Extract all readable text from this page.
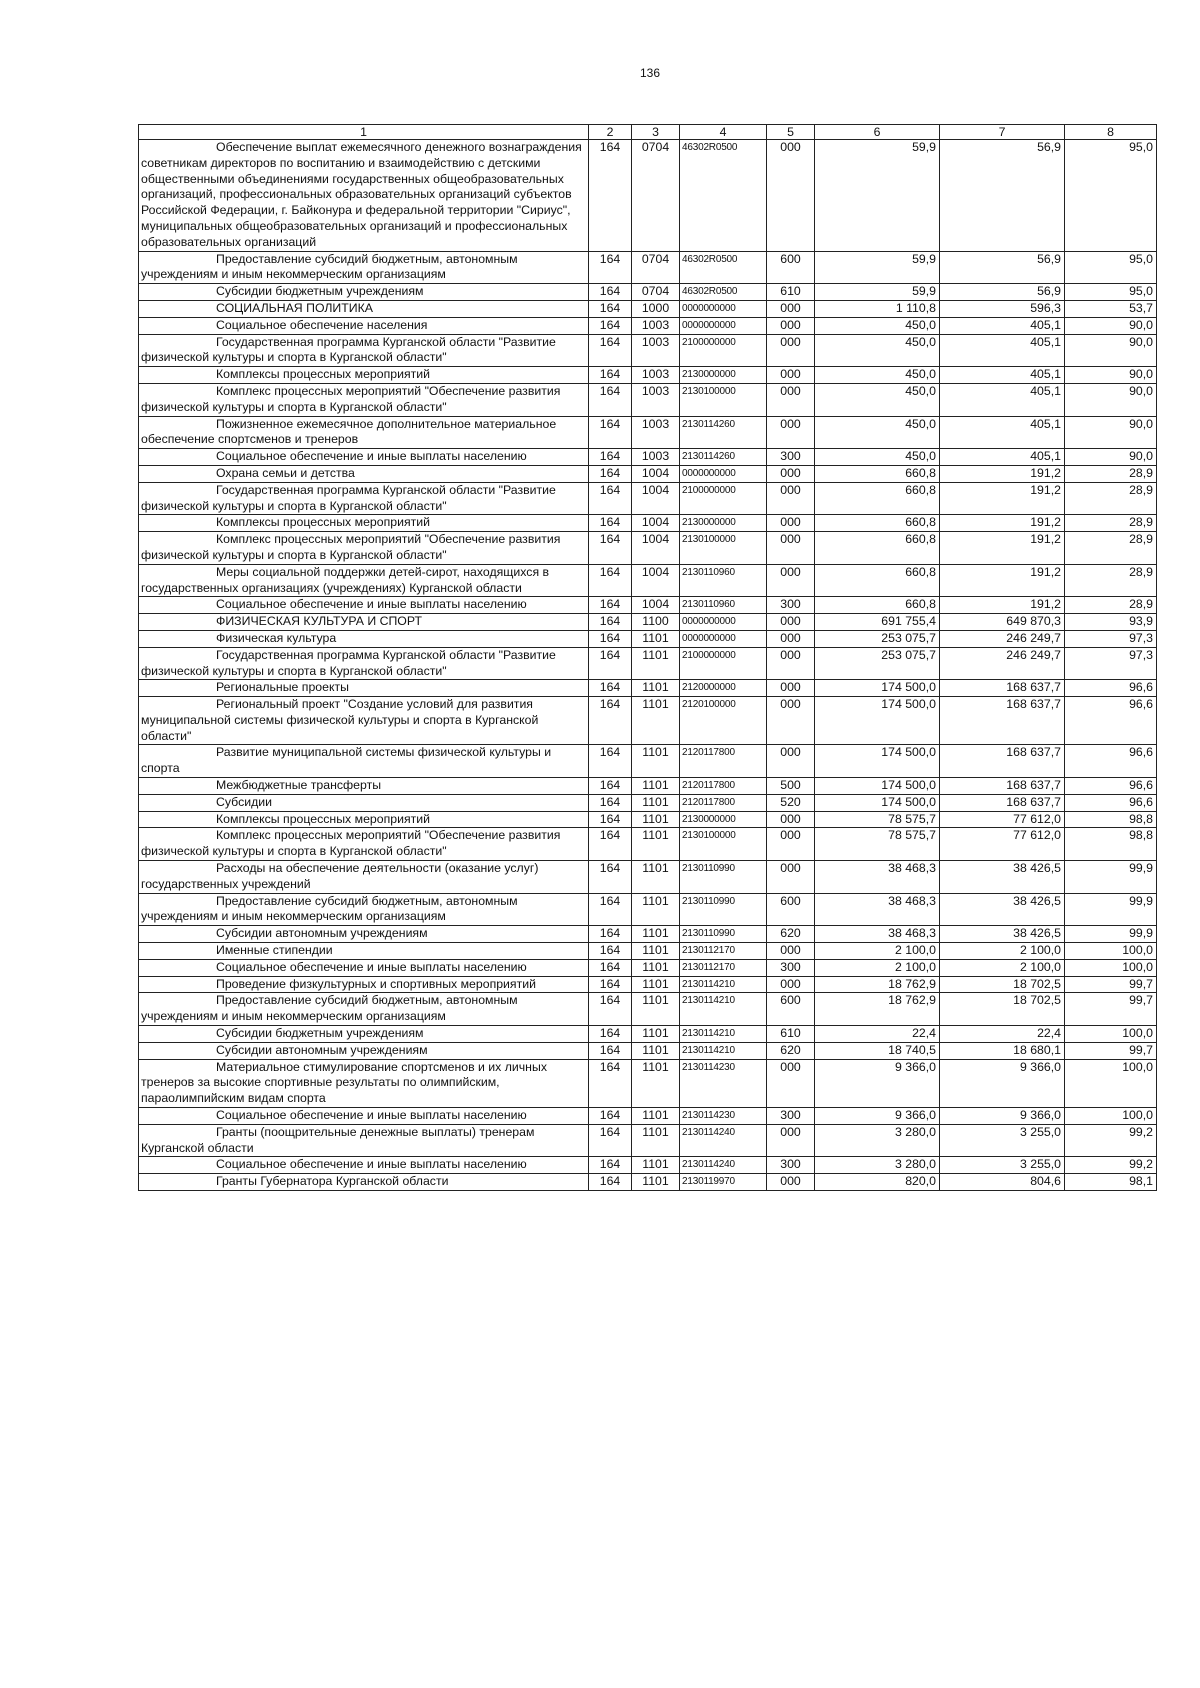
136
1	2	3	4	5	6	7	8
Обеспечение выплат ежемесячного денежного вознаграждения советникам директоров по воспитанию и взаимодействию с детскими общественными объединениями государственных общеобразовательных организаций, профессиональных образовательных организаций субъектов Российской Федерации, г. Байконура и федеральной территории "Сириус", муниципальных общеобразовательных организаций и профессиональных образовательных организаций	164	0704	46302R0500	000	59,9	56,9	95,0
Предоставление субсидий бюджетным, автономным учреждениям и иным некоммерческим организациям	164	0704	46302R0500	600	59,9	56,9	95,0
Субсидии бюджетным учреждениям	164	0704	46302R0500	610	59,9	56,9	95,0
СОЦИАЛЬНАЯ ПОЛИТИКА	164	1000	0000000000	000	1 110,8	596,3	53,7
Социальное обеспечение населения	164	1003	0000000000	000	450,0	405,1	90,0
Государственная программа Курганской области "Развитие физической культуры и спорта в Курганской области"	164	1003	2100000000	000	450,0	405,1	90,0
Комплексы процессных мероприятий	164	1003	2130000000	000	450,0	405,1	90,0
Комплекс процессных мероприятий "Обеспечение развития физической культуры и спорта в Курганской области"	164	1003	2130100000	000	450,0	405,1	90,0
Пожизненное ежемесячное дополнительное материальное обеспечение спортсменов и тренеров	164	1003	2130114260	000	450,0	405,1	90,0
Социальное обеспечение и иные выплаты населению	164	1003	2130114260	300	450,0	405,1	90,0
Охрана семьи и детства	164	1004	0000000000	000	660,8	191,2	28,9
Государственная программа Курганской области "Развитие физической культуры и спорта в Курганской области"	164	1004	2100000000	000	660,8	191,2	28,9
Комплексы процессных мероприятий	164	1004	2130000000	000	660,8	191,2	28,9
Комплекс процессных мероприятий "Обеспечение развития физической культуры и спорта в Курганской области"	164	1004	2130100000	000	660,8	191,2	28,9
Меры социальной поддержки детей-сирот, находящихся в государственных организациях (учреждениях) Курганской области	164	1004	2130110960	000	660,8	191,2	28,9
Социальное обеспечение и иные выплаты населению	164	1004	2130110960	300	660,8	191,2	28,9
ФИЗИЧЕСКАЯ КУЛЬТУРА И СПОРТ	164	1100	0000000000	000	691 755,4	649 870,3	93,9
Физическая культура	164	1101	0000000000	000	253 075,7	246 249,7	97,3
Государственная программа Курганской области "Развитие физической культуры и спорта в Курганской области"	164	1101	2100000000	000	253 075,7	246 249,7	97,3
Региональные проекты	164	1101	2120000000	000	174 500,0	168 637,7	96,6
Региональный проект "Создание условий для развития муниципальной системы физической культуры и спорта в Курганской области"	164	1101	2120100000	000	174 500,0	168 637,7	96,6
Развитие муниципальной системы физической культуры и спорта	164	1101	2120117800	000	174 500,0	168 637,7	96,6
Межбюджетные трансферты	164	1101	2120117800	500	174 500,0	168 637,7	96,6
Субсидии	164	1101	2120117800	520	174 500,0	168 637,7	96,6
Комплексы процессных мероприятий	164	1101	2130000000	000	78 575,7	77 612,0	98,8
Комплекс процессных мероприятий "Обеспечение развития физической культуры и спорта в Курганской области"	164	1101	2130100000	000	78 575,7	77 612,0	98,8
Расходы на обеспечение деятельности (оказание услуг) государственных учреждений	164	1101	2130110990	000	38 468,3	38 426,5	99,9
Предоставление субсидий бюджетным, автономным учреждениям и иным некоммерческим организациям	164	1101	2130110990	600	38 468,3	38 426,5	99,9
Субсидии автономным учреждениям	164	1101	2130110990	620	38 468,3	38 426,5	99,9
Именные стипендии	164	1101	2130112170	000	2 100,0	2 100,0	100,0
Социальное обеспечение и иные выплаты населению	164	1101	2130112170	300	2 100,0	2 100,0	100,0
Проведение физкультурных и спортивных мероприятий	164	1101	2130114210	000	18 762,9	18 702,5	99,7
Предоставление субсидий бюджетным, автономным учреждениям и иным некоммерческим организациям	164	1101	2130114210	600	18 762,9	18 702,5	99,7
Субсидии бюджетным учреждениям	164	1101	2130114210	610	22,4	22,4	100,0
Субсидии автономным учреждениям	164	1101	2130114210	620	18 740,5	18 680,1	99,7
Материальное стимулирование спортсменов и их личных тренеров за высокие спортивные результаты по олимпийским, параолимпийским видам спорта	164	1101	2130114230	000	9 366,0	9 366,0	100,0
Социальное обеспечение и иные выплаты населению	164	1101	2130114230	300	9 366,0	9 366,0	100,0
Гранты (поощрительные денежные выплаты) тренерам Курганской области	164	1101	2130114240	000	3 280,0	3 255,0	99,2
Социальное обеспечение и иные выплаты населению	164	1101	2130114240	300	3 280,0	3 255,0	99,2
Гранты Губернатора Курганской области	164	1101	2130119970	000	820,0	804,6	98,1
